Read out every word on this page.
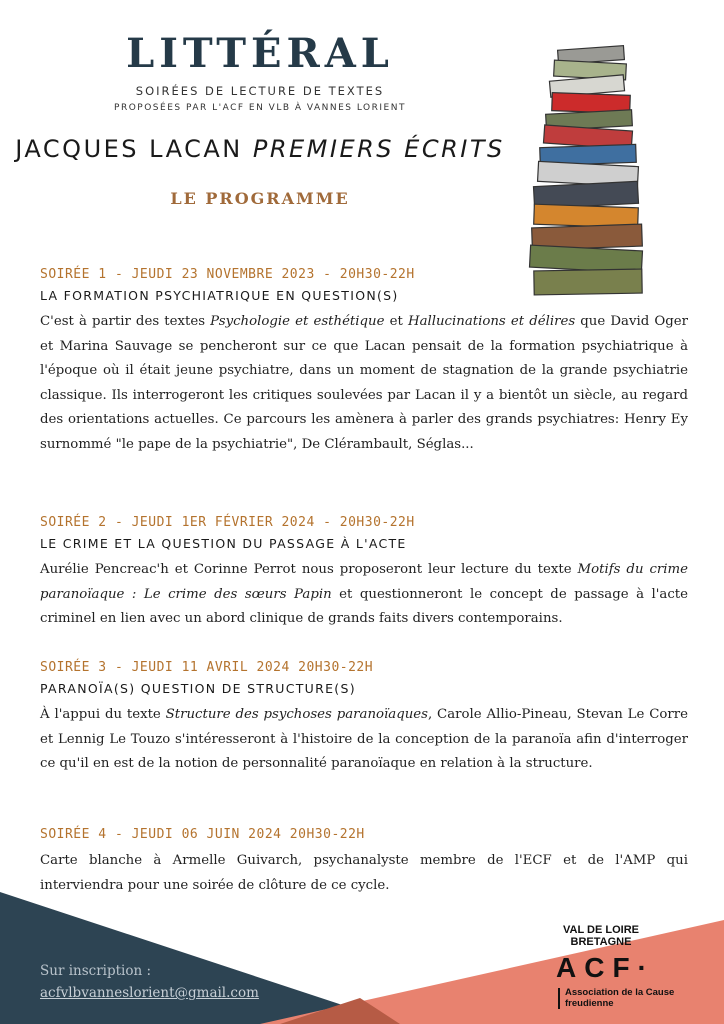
LITTÉRAL
SOIRÉES DE LECTURE DE TEXTES
PROPOSÉES PAR L'ACF EN VLB À VANNES LORIENT
JACQUES LACAN PREMIERS ÉCRITS
LE PROGRAMME
SOIRÉE 1 - JEUDI 23 NOVEMBRE 2023 - 20H30-22H
LA FORMATION PSYCHIATRIQUE EN QUESTION(S)
C'est à partir des textes Psychologie et esthétique et Hallucinations et délires que David Oger et Marina Sauvage se pencheront sur ce que Lacan pensait de la formation psychiatrique à l'époque où il était jeune psychiatre, dans un moment de stagnation de la grande psychiatrie classique. Ils interrogeront les critiques soulevées par Lacan il y a bientôt un siècle, au regard des orientations actuelles. Ce parcours les amènera à parler des grands psychiatres: Henry Ey surnommé "le pape de la psychiatrie", De Clérambault, Séglas...
SOIRÉE 2 - JEUDI 1ER FÉVRIER 2024 - 20H30-22H
LE CRIME ET LA QUESTION DU PASSAGE À L'ACTE
Aurélie Pencreac'h et Corinne Perrot nous proposeront leur lecture du texte Motifs du crime paranoïaque : Le crime des sœurs Papin et questionneront le concept de passage à l'acte criminel en lien avec un abord clinique de grands faits divers contemporains.
SOIRÉE 3 - JEUDI 11 AVRIL 2024 20H30-22H
PARANOÏA(S) QUESTION DE STRUCTURE(S)
À l'appui du texte Structure des psychoses paranoïaques, Carole Allio-Pineau, Stevan Le Corre et Lennig Le Touzo s'intéresseront à l'histoire de la conception de la paranoïa afin d'interroger ce qu'il en est de la notion de personnalité paranoïaque en relation à la structure.
SOIRÉE 4 - JEUDI 06 JUIN 2024 20H30-22H
Carte blanche à Armelle Guivarch, psychanalyste membre de l'ECF et de l'AMP qui interviendra pour une soirée de clôture de ce cycle.
Sur inscription :
acfvlbvanneslorient@gmail.com
VAL DE LOIRE BRETAGNE
ACF·Association de la Cause freudienne
